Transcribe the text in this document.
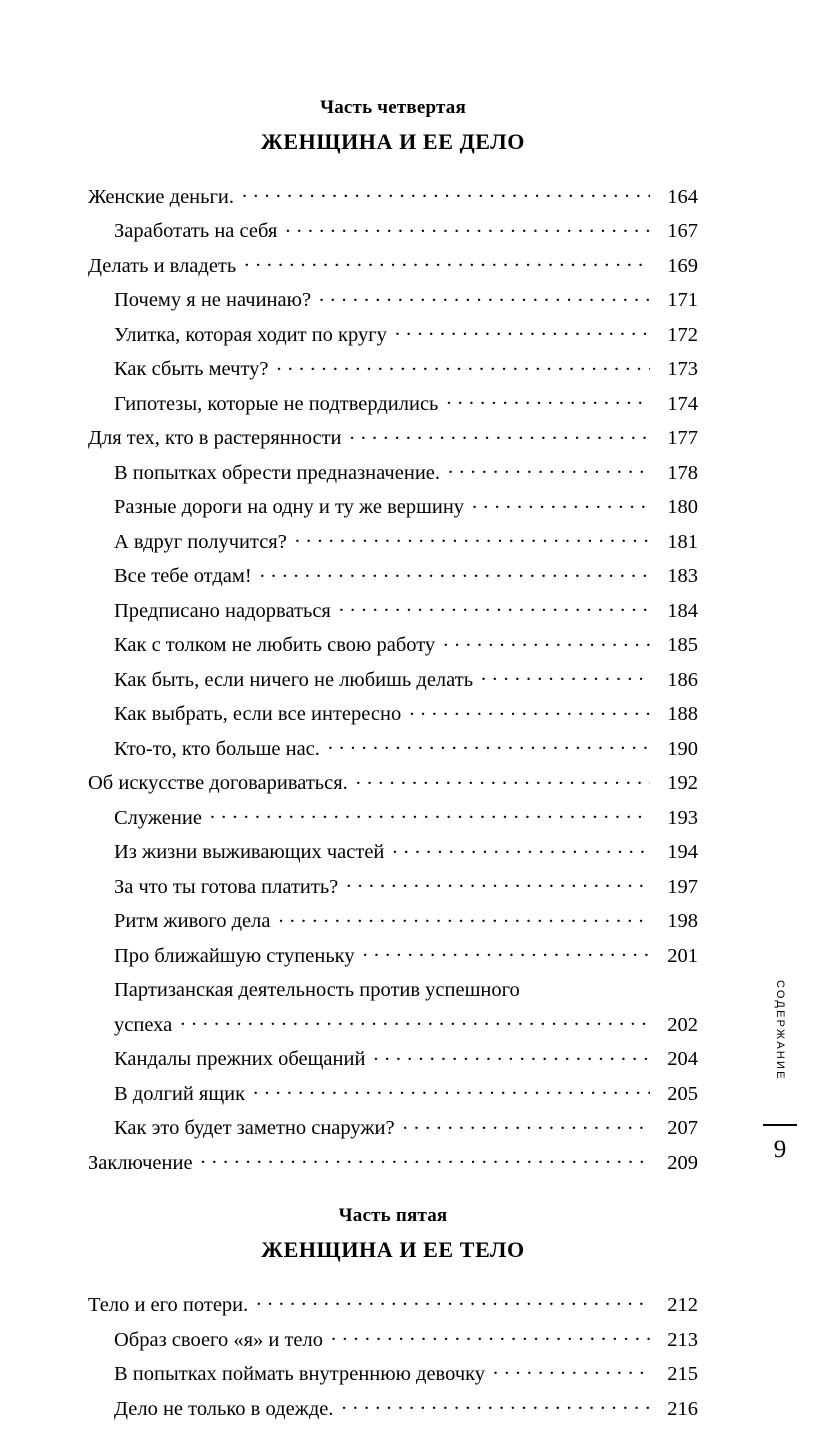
Часть четвертая
ЖЕНЩИНА И ЕЕ ДЕЛО
Женские деньги. . . .	164
Заработать на себя . . .	167
Делать и владеть . . .	169
Почему я не начинаю? . . .	171
Улитка, которая ходит по кругу . . .	172
Как сбыть мечту? . . .	173
Гипотезы, которые не подтвердились . . .	174
Для тех, кто в растерянности . . .	177
В попытках обрести предназначение. . . .	178
Разные дороги на одну и ту же вершину . . .	180
А вдруг получится? . . .	181
Все тебе отдам! . . .	183
Предписано надорваться . . .	184
Как с толком не любить свою работу . . .	185
Как быть, если ничего не любишь делать . . .	186
Как выбрать, если все интересно . . .	188
Кто-то, кто больше нас. . . .	190
Об искусстве договариваться. . . .	192
Служение . . .	193
Из жизни выживающих частей . . .	194
За что ты готова платить? . . .	197
Ритм живого дела . . .	198
Про ближайшую ступеньку . . .	201
Партизанская деятельность против успешного
успеха . . .	202
Кандалы прежних обещаний . . .	204
В долгий ящик . . .	205
Как это будет заметно снаружи? . . .	207
Заключение . . .	209
Часть пятая
ЖЕНЩИНА И ЕЕ ТЕЛО
Тело и его потери. . . .	212
Образ своего «я» и тело . . .	213
В попытках поймать внутреннюю девочку . . .	215
Дело не только в одежде. . . .	216
СОДЕРЖАНИЕ
9
